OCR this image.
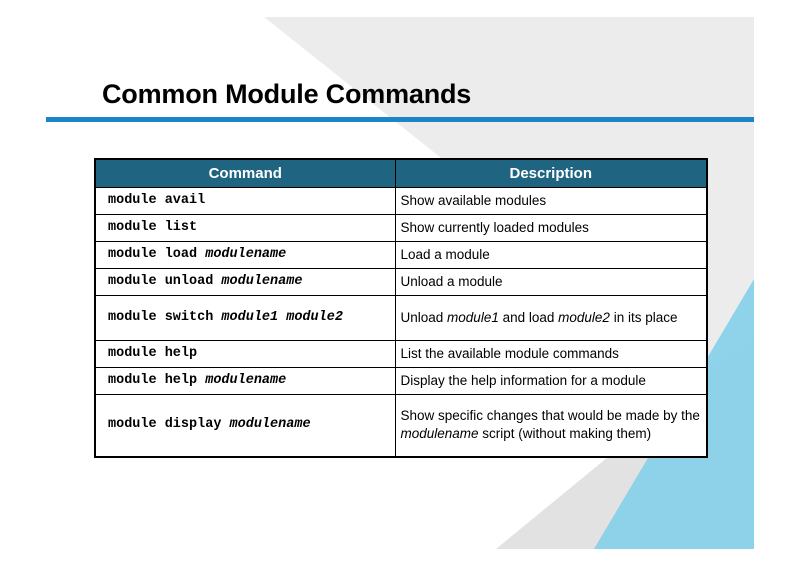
Common Module Commands
Command	Description
module avail	Show available modules
module list	Show currently loaded modules
module load modulename	Load a module
module unload modulename	Unload a module
module switch module1 module2	Unload module1 and load module2 in its place
module help	List the available module commands
module help modulename	Display the help information for a module
module display modulename	Show specific changes that would be made by the modulename script (without making them)
